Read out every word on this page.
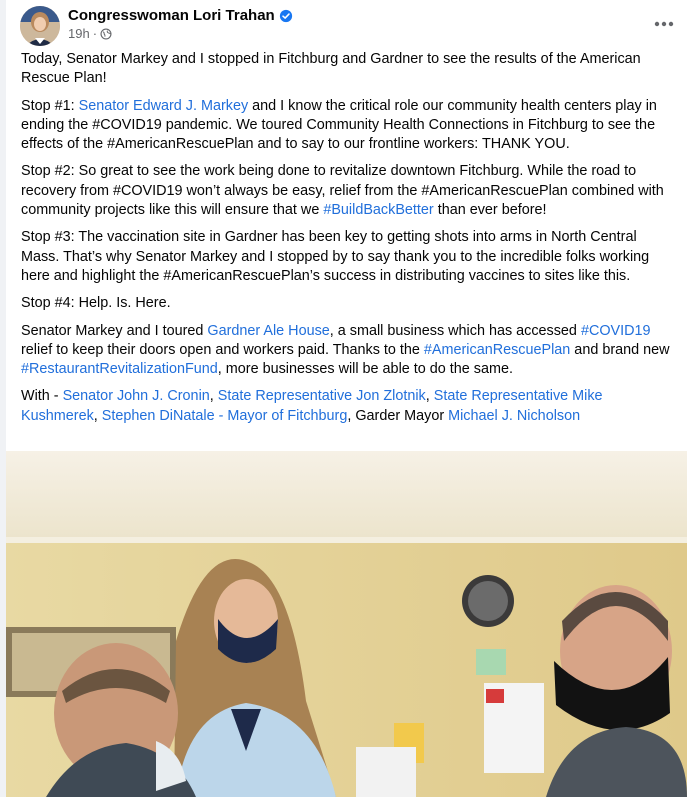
Congresswoman Lori Trahan
19h ·

Today, Senator Markey and I stopped in Fitchburg and Gardner to see the results of the American Rescue Plan!

Stop #1: Senator Edward J. Markey and I know the critical role our community health centers play in ending the #COVID19 pandemic. We toured Community Health Connections in Fitchburg to see the effects of the #AmericanRescuePlan and to say to our frontline workers: THANK YOU.

Stop #2: So great to see the work being done to revitalize downtown Fitchburg. While the road to recovery from #COVID19 won’t always be easy, relief from the #AmericanRescuePlan combined with community projects like this will ensure that we #BuildBackBetter than ever before!

Stop #3: The vaccination site in Gardner has been key to getting shots into arms in North Central Mass. That’s why Senator Markey and I stopped by to say thank you to the incredible folks working here and highlight the #AmericanRescuePlan’s success in distributing vaccines to sites like this.

Stop #4: Help. Is. Here.

Senator Markey and I toured Gardner Ale House, a small business which has accessed #COVID19 relief to keep their doors open and workers paid. Thanks to the #AmericanRescuePlan and brand new #RestaurantRevitalizationFund, more businesses will be able to do the same.

With - Senator John J. Cronin, State Representative Jon Zlotnik, State Representative Mike Kushmerek, Stephen DiNatale - Mayor of Fitchburg, Garder Mayor Michael J. Nicholson
